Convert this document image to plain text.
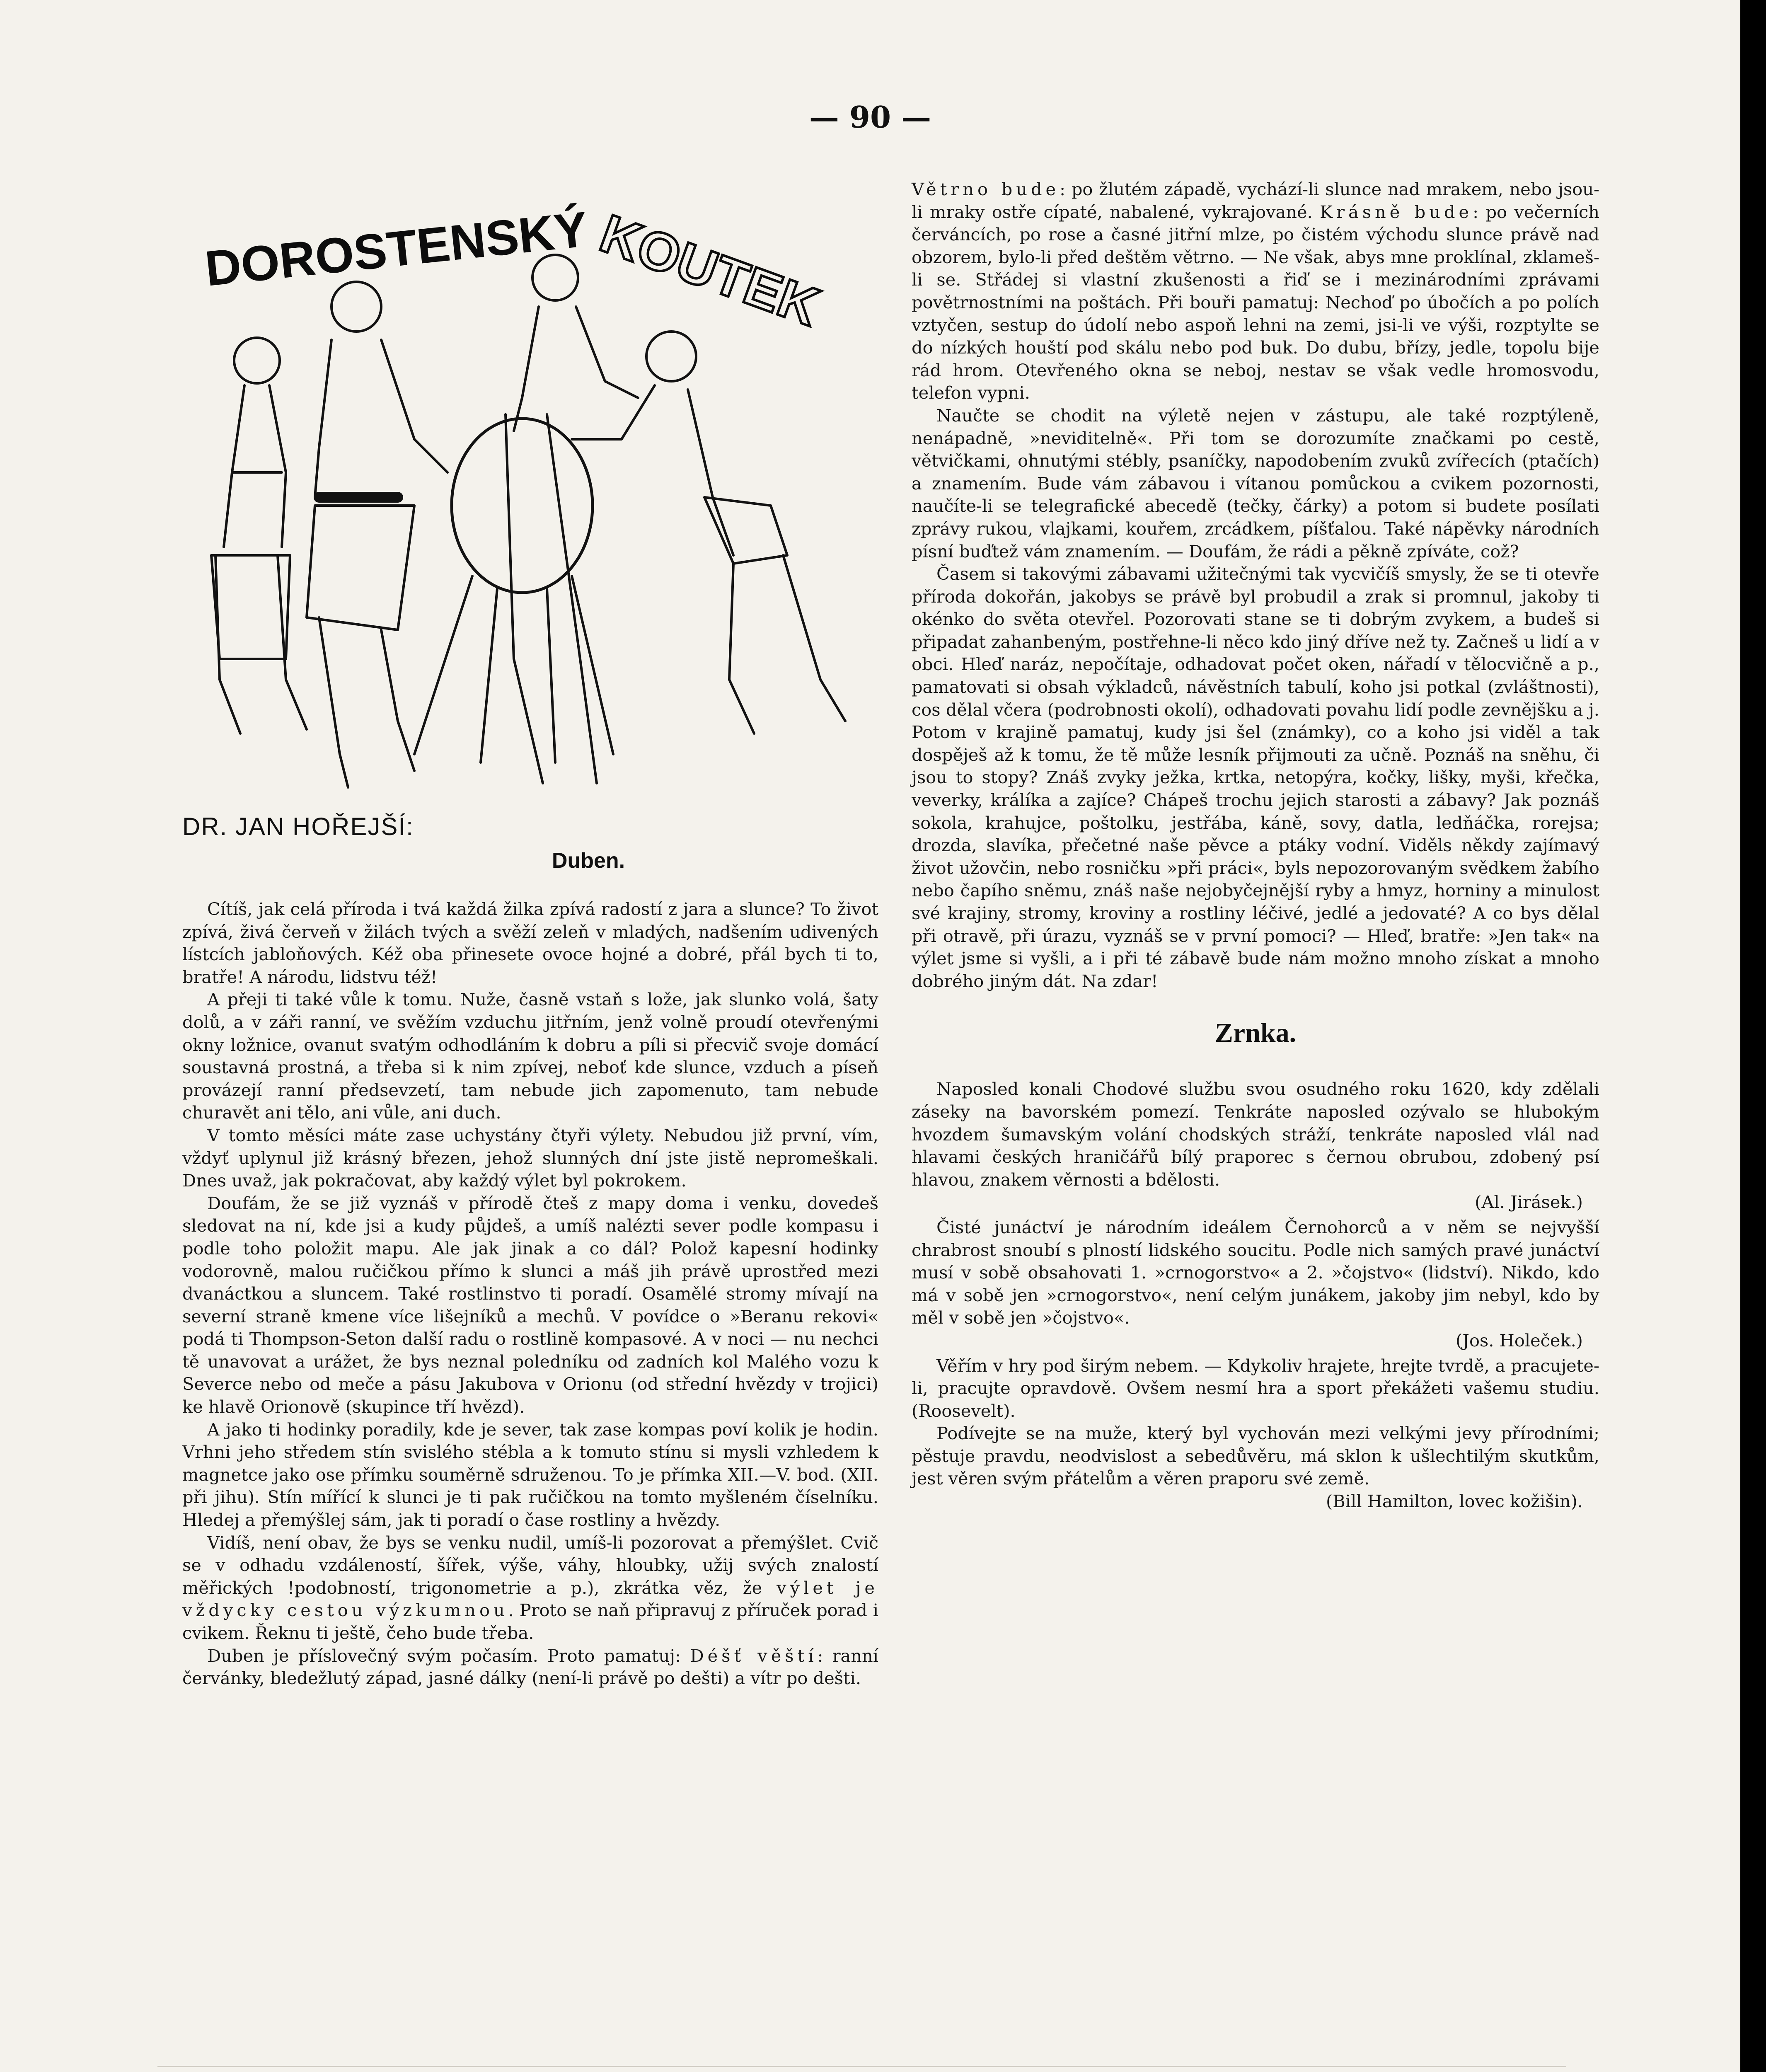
— 90 —
DOROSTENSKÝ KOUTEK

DR. JAN HOŘEJŠÍ:

Duben.

Cítíš, jak celá příroda i tvá každá žilka zpívá radostí z jara a slunce? To život zpívá, živá červeň v žilách tvých a svěží zeleň v mladých, nadšením udivených lístcích jabloňových. Kéž oba přinesete ovoce hojné a dobré, přál bych ti to, bratře! A národu, lidstvu též!

A přeji ti také vůle k tomu. Nuže, časně vstaň s lože, jak slunko volá, šaty dolů, a v záři ranní, ve svěžím vzduchu jitřním, jenž volně proudí otevřenými okny ložnice, ovanut svatým odhodláním k dobru a píli si přecvič svoje domácí soustavná prostná, a třeba si k nim zpívej, neboť kde slunce, vzduch a píseň provázejí ranní předsevzetí, tam nebude jich zapomenuto, tam nebude churavět ani tělo, ani vůle, ani duch.

V tomto měsíci máte zase uchystány čtyři výlety. Nebudou již první, vím, vždyť uplynul již krásný březen, jehož slunných dní jste jistě nepromeškali. Dnes uvaž, jak pokračovat, aby každý výlet byl pokrokem.

Doufám, že se již vyznáš v přírodě čteš z mapy doma i venku, dovedeš sledovat na ní, kde jsi a kudy půjdeš, a umíš nalézti sever podle kompasu i podle toho položit mapu. Ale jak jinak a co dál? Polož kapesní hodinky vodorovně, malou ručičkou přímo k slunci a máš jih právě uprostřed mezi dvanáctkou a sluncem. Také rostlinstvo ti poradí. Osamělé stromy mívají na severní straně kmene více lišejníků a mechů. V povídce o »Beranu rekovi« podá ti Thompson-Seton další radu o rostlině kompasové. A v noci — nu nechci tě unavovat a urážet, že bys neznal poledníku od zadních kol Malého vozu k Severce nebo od meče a pásu Jakubova v Orionu (od střední hvězdy v trojici) ke hlavě Orionově (skupince tří hvězd).

A jako ti hodinky poradily, kde je sever, tak zase kompas poví kolik je hodin. Vrhni jeho středem stín svislého stébla a k tomuto stínu si mysli vzhledem k magnetce jako ose přímku souměrně sdruženou. To je přímka XII.—V. bod. (XII. při jihu). Stín mířící k slunci je ti pak ručičkou na tomto myšleném číselníku. Hledej a přemýšlej sám, jak ti poradí o čase rostliny a hvězdy.

Vidíš, není obav, že bys se venku nudil, umíš-li pozorovat a přemýšlet. Cvič se v odhadu vzdáleností, šířek, výše, váhy, hloubky, užij svých znalostí měřických !podobností, trigonometrie a p.), zkrátka věz, že výlet je vždycky cestou výzkumnou. Proto se naň připravuj z příruček porad i cvikem. Řeknu ti ještě, čeho bude třeba.

Duben je příslovečný svým počasím. Proto pamatuj: Déšť věští: ranní červánky, bledežlutý západ, jasné dálky (není-li právě po dešti) a vítr po dešti.

Větrno bude: po žlutém západě, vychází-li slunce nad mrakem, nebo jsou-li mraky ostře cípaté, nabalené, vykrajované. Krásně bude: po večerních červáncích, po rose a časné jitřní mlze, po čistém východu slunce právě nad obzorem, bylo-li před deštěm větrno. — Ne však, abys mne proklínal, zklameš-li se. Střádej si vlastní zkušenosti a řiď se i mezinárodními zprávami povětrnostními na poštách. Při bouři pamatuj: Nechoď po úbočích a po polích vztyčen, sestup do údolí nebo aspoň lehni na zemi, jsi-li ve výši, rozptylte se do nízkých houští pod skálu nebo pod buk. Do dubu, břízy, jedle, topolu bije rád hrom. Otevřeného okna se neboj, nestav se však vedle hromosvodu, telefon vypni.

Naučte se chodit na výletě nejen v zástupu, ale také rozptýleně, nenápadně, »neviditelně«. Při tom se dorozumíte značkami po cestě, větvičkami, ohnutými stébly, psaníčky, napodobením zvuků zvířecích (ptačích) a znamením. Bude vám zábavou i vítanou pomůckou a cvikem pozornosti, naučíte-li se telegrafické abecedě (tečky, čárky) a potom si budete posílati zprávy rukou, vlajkami, kouřem, zrcádkem, píšťalou. Také nápěvky národních písní buďtež vám znamením. — Doufám, že rádi a pěkně zpíváte, což?

Časem si takovými zábavami užitečnými tak vycvičíš smysly, že se ti otevře příroda dokořán, jakobys se právě byl probudil a zrak si promnul, jakoby ti okénko do světa otevřel. Pozorovati stane se ti dobrým zvykem, a budeš si připadat zahanbeným, postřehne-li něco kdo jiný dříve než ty. Začneš u lidí a v obci. Hleď naráz, nepočítaje, odhadovat počet oken, nářadí v tělocvičně a p., pamatovati si obsah výkladců, návěstních tabulí, koho jsi potkal (zvláštnosti), cos dělal včera (podrobnosti okolí), odhadovati povahu lidí podle zevnějšku a j. Potom v krajině pamatuj, kudy jsi šel (známky), co a koho jsi viděl a tak dospěješ až k tomu, že tě může lesník přijmouti za učně. Poznáš na sněhu, či jsou to stopy? Znáš zvyky ježka, krtka, netopýra, kočky, lišky, myši, křečka, veverky, králíka a zajíce? Chápeš trochu jejich starosti a zábavy? Jak poznáš sokola, krahujce, poštolku, jestřába, káně, sovy, datla, ledňáčka, rorejsa; drozda, slavíka, přečetné naše pěvce a ptáky vodní. Viděls někdy zajímavý život užovčin, nebo rosničku »při práci«, byls nepozorovaným svědkem žabího nebo čapího sněmu, znáš naše nejobyčejnější ryby a hmyz, horniny a minulost své krajiny, stromy, kroviny a rostliny léčivé, jedlé a jedovaté? A co bys dělal při otravě, při úrazu, vyznáš se v první pomoci? — Hleď, bratře: »Jen tak« na výlet jsme si vyšli, a i při té zábavě bude nám možno mnoho získat a mnoho dobrého jiným dát. Na zdar!

Zrnka.

Naposled konali Chodové službu svou osudného roku 1620, kdy zdělali záseky na bavorském pomezí. Tenkráte naposled ozývalo se hlubokým hvozdem šumavským volání chodských stráží, tenkráte naposled vlál nad hlavami českých hraničářů bílý praporec s černou obrubou, zdobený psí hlavou, znakem věrnosti a bdělosti.

(Al. Jirásek.)

Čisté junáctví je národním ideálem Černohorců a v něm se nejvyšší chrabrost snoubí s plností lidského soucitu. Podle nich samých pravé junáctví musí v sobě obsahovati 1. »crnogorstvo« a 2. »čojstvo« (lidství). Nikdo, kdo má v sobě jen »crnogorstvo«, není celým junákem, jakoby jim nebyl, kdo by měl v sobě jen »čojstvo«.

(Jos. Holeček.)

Věřím v hry pod širým nebem. — Kdykoliv hrajete, hrejte tvrdě, a pracujete-li, pracujte opravdově. Ovšem nesmí hra a sport překážeti vašemu studiu. (Roosevelt).

Podívejte se na muže, který byl vychován mezi velkými jevy přírodními; pěstuje pravdu, neodvislost a sebedůvěru, má sklon k ušlechtilým skutkům, jest věren svým přátelům a věren praporu své země.

(Bill Hamilton, lovec kožišin).
